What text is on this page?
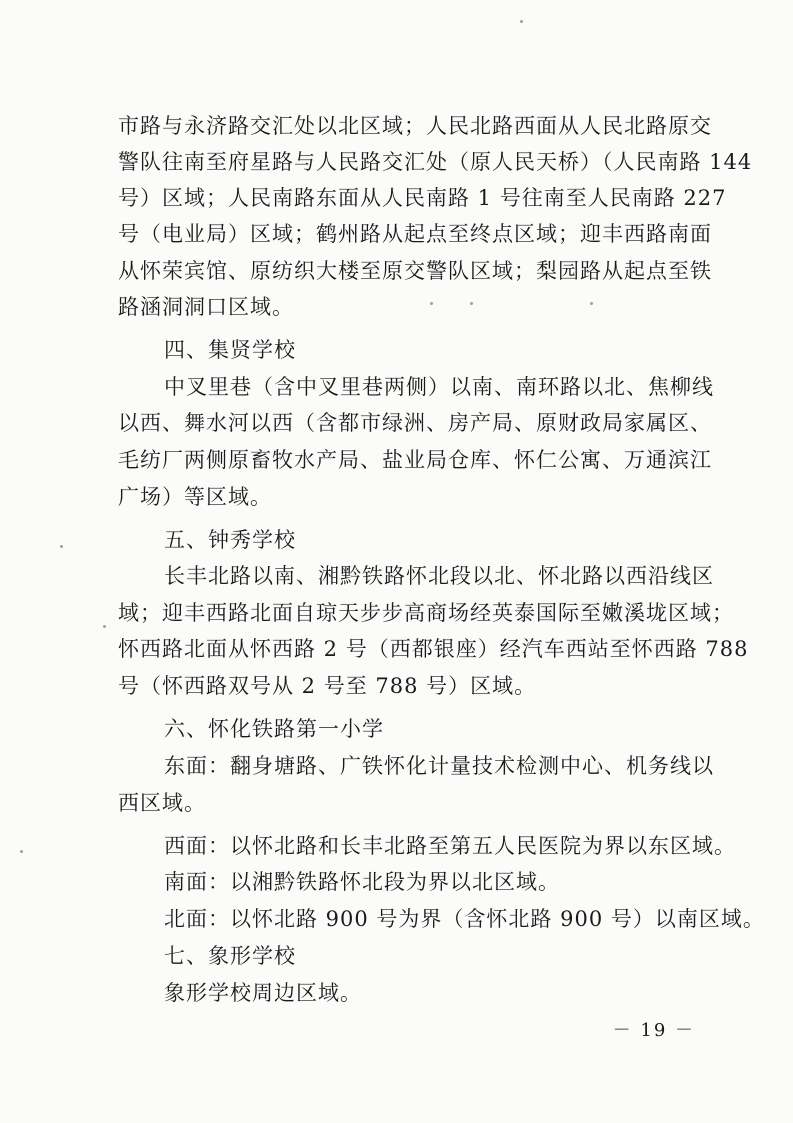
市路与永济路交汇处以北区域；人民北路西面从人民北路原交
警队往南至府星路与人民路交汇处（原人民天桥）（人民南路 144
号）区域；人民南路东面从人民南路 1 号往南至人民南路 227
号（电业局）区域；鹤州路从起点至终点区域；迎丰西路南面
从怀荣宾馆、原纺织大楼至原交警队区域；梨园路从起点至铁
路涵洞洞口区域。
四、集贤学校
中叉里巷（含中叉里巷两侧）以南、南环路以北、焦柳线
以西、舞水河以西（含都市绿洲、房产局、原财政局家属区、
毛纺厂两侧原畜牧水产局、盐业局仓库、怀仁公寓、万通滨江
广场）等区域。
五、钟秀学校
长丰北路以南、湘黔铁路怀北段以北、怀北路以西沿线区
域；迎丰西路北面自琼天步步高商场经英泰国际至嫩溪垅区域；
怀西路北面从怀西路 2 号（西都银座）经汽车西站至怀西路 788
号（怀西路双号从 2 号至 788 号）区域。
六、怀化铁路第一小学
东面：翻身塘路、广铁怀化计量技术检测中心、机务线以
西区域。
西面：以怀北路和长丰北路至第五人民医院为界以东区域。
南面：以湘黔铁路怀北段为界以北区域。
北面：以怀北路 900 号为界（含怀北路 900 号）以南区域。
七、象形学校
象形学校周边区域。
－ 19 －
